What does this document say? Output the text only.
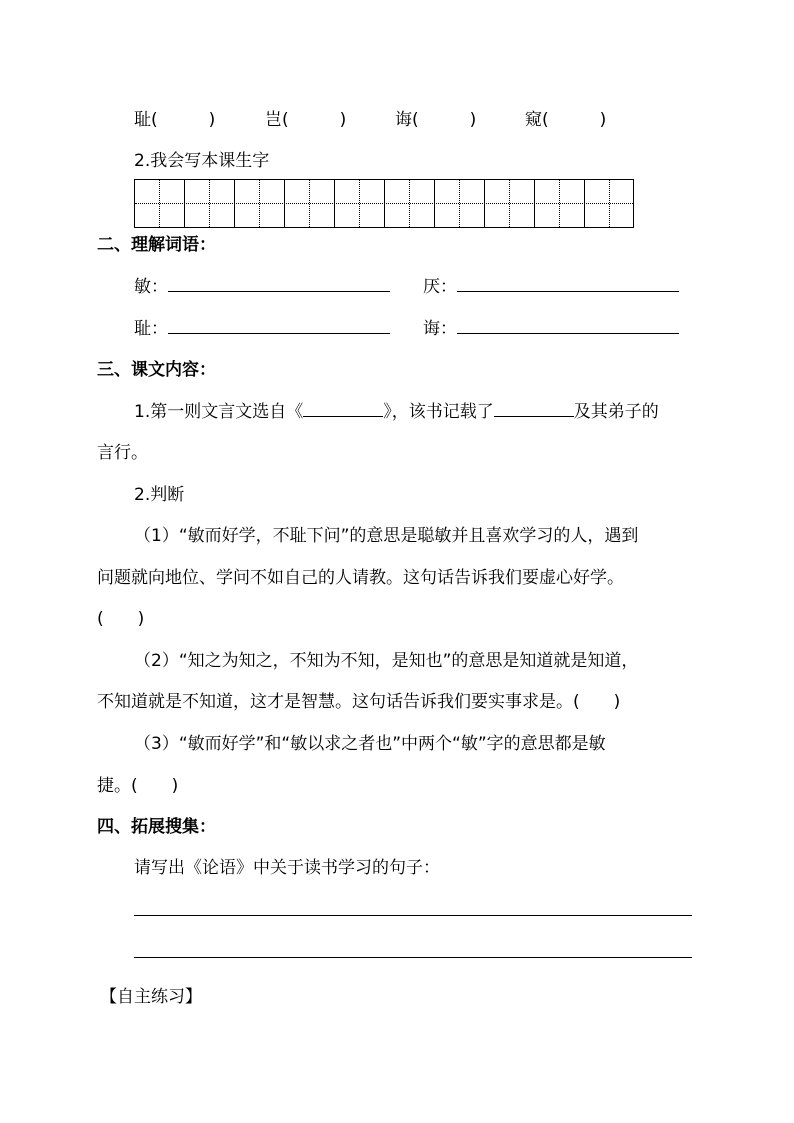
耻(　　　)	岂(　　　)	诲(　　　)	窥(　　　)
2.我会写本课生字
二、理解词语：
敏：	厌：
耻：	诲：
三、课文内容：
1.第一则文言文选自《	》，该书记载了	及其弟子的
言行。
2.判断
（1）“敏而好学，不耻下问”的意思是聪敏并且喜欢学习的人，遇到
问题就向地位、学问不如自己的人请教。这句话告诉我们要虚心好学。
(　　)
（2）“知之为知之，不知为不知，是知也”的意思是知道就是知道，
不知道就是不知道，这才是智慧。这句话告诉我们要实事求是。(　　)
（3）“敏而好学”和“敏以求之者也”中两个“敏”字的意思都是敏
捷。(　　)
四、拓展搜集：
请写出《论语》中关于读书学习的句子：
【自主练习】
